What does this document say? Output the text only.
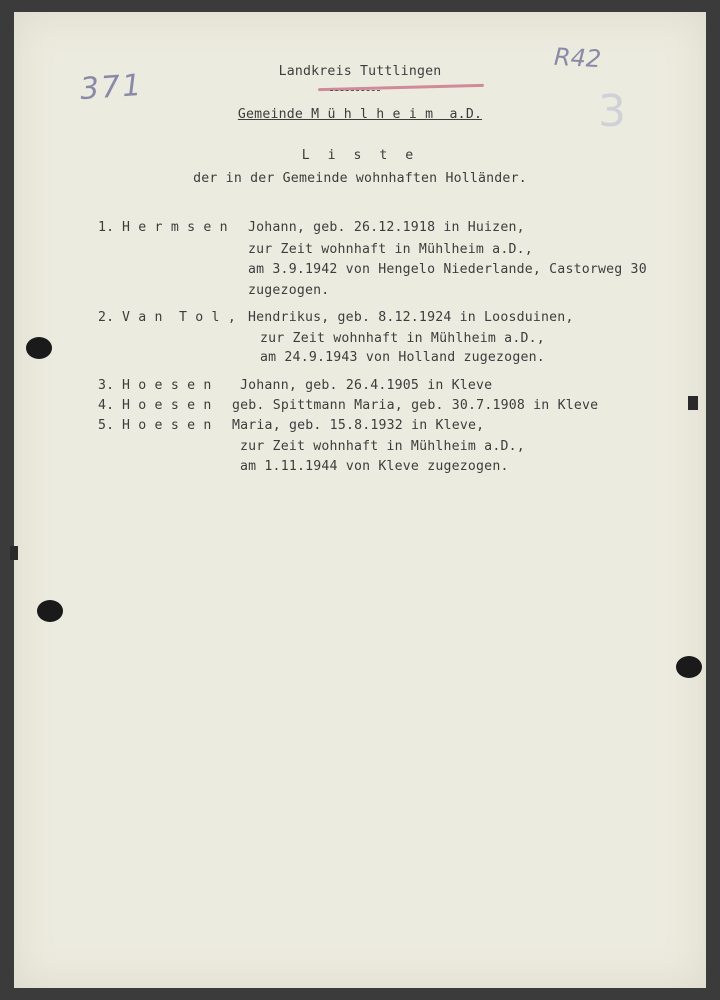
371
R42
3
Landkreis Tuttlingen
Gemeinde M ü h l h e i m  a.D.
L i s t e
der in der Gemeinde wohnhaften Holländer.
1. H e r m s e n Johann, geb. 26.12.1918 in Huizen,
zur Zeit wohnhaft in Mühlheim a.D.,
am 3.9.1942 von Hengelo Niederlande, Castorweg 30
zugezogen.
2. V a n  T o l , Hendrikus, geb. 8.12.1924 in Loosduinen,
zur Zeit wohnhaft in Mühlheim a.D.,
am 24.9.1943 von Holland zugezogen.
3. H o e s e n Johann, geb. 26.4.1905 in Kleve
4. H o e s e n geb. Spittmann Maria, geb. 30.7.1908 in Kleve
5. H o e s e n Maria, geb. 15.8.1932 in Kleve,
zur Zeit wohnhaft in Mühlheim a.D.,
am 1.11.1944 von Kleve zugezogen.
